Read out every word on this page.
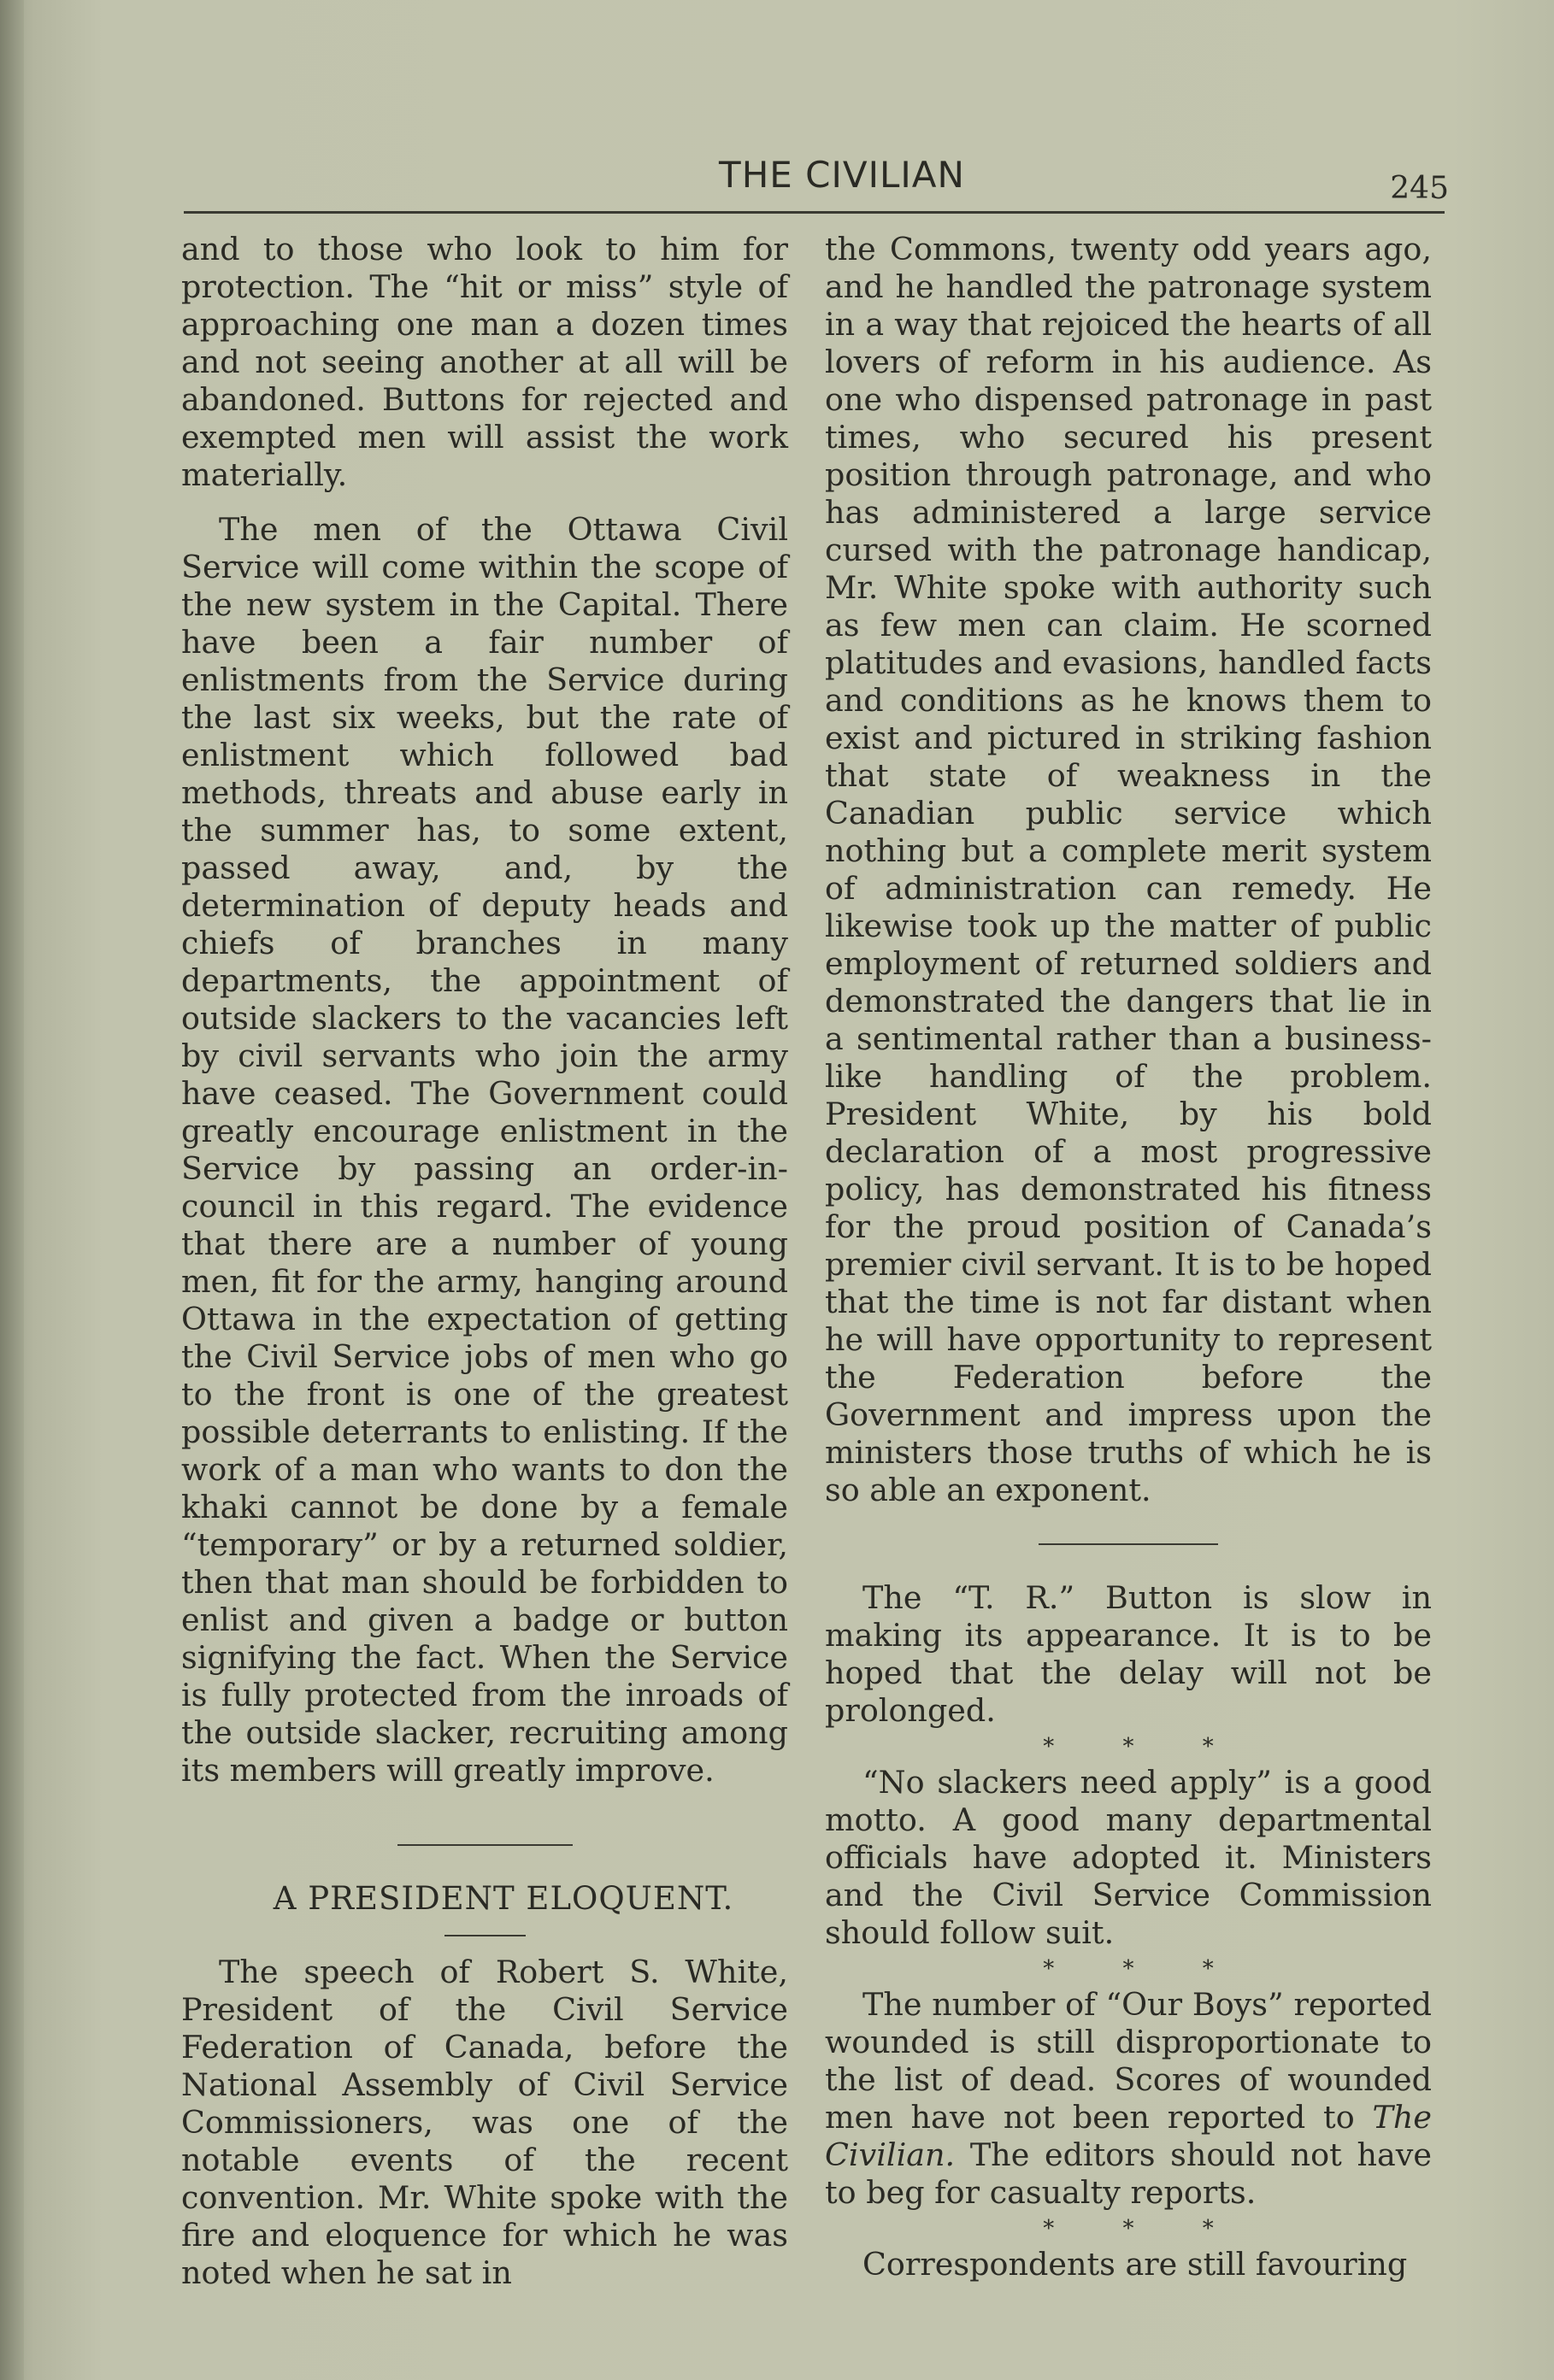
THE CIVILIAN	245

and to those who look to him for protection. The “hit or miss” style of approaching one man a dozen times and not seeing another at all will be abandoned. Buttons for rejected and exempted men will assist the work materially.

The men of the Ottawa Civil Service will come within the scope of the new system in the Capital. There have been a fair number of enlistments from the Service during the last six weeks, but the rate of enlistment which followed bad methods, threats and abuse early in the summer has, to some extent, passed away, and, by the determination of deputy heads and chiefs of branches in many departments, the appointment of outside slackers to the vacancies left by civil servants who join the army have ceased. The Government could greatly encourage enlistment in the Service by passing an order-in-council in this regard. The evidence that there are a number of young men, fit for the army, hanging around Ottawa in the expectation of getting the Civil Service jobs of men who go to the front is one of the greatest possible deterrants to enlisting. If the work of a man who wants to don the khaki cannot be done by a female “temporary” or by a returned soldier, then that man should be forbidden to enlist and given a badge or button signifying the fact. When the Service is fully protected from the inroads of the outside slacker, recruiting among its members will greatly improve.

A PRESIDENT ELOQUENT.

The speech of Robert S. White, President of the Civil Service Federation of Canada, before the National Assembly of Civil Service Commissioners, was one of the notable events of the recent convention. Mr. White spoke with the fire and eloquence for which he was noted when he sat in

the Commons, twenty odd years ago, and he handled the patronage system in a way that rejoiced the hearts of all lovers of reform in his audience. As one who dispensed patronage in past times, who secured his present position through patronage, and who has administered a large service cursed with the patronage handicap, Mr. White spoke with authority such as few men can claim. He scorned platitudes and evasions, handled facts and conditions as he knows them to exist and pictured in striking fashion that state of weakness in the Canadian public service which nothing but a complete merit system of administration can remedy. He likewise took up the matter of public employment of returned soldiers and demonstrated the dangers that lie in a sentimental rather than a business-like handling of the problem. President White, by his bold declaration of a most progressive policy, has demonstrated his fitness for the proud position of Canada’s premier civil servant. It is to be hoped that the time is not far distant when he will have opportunity to represent the Federation before the Government and impress upon the ministers those truths of which he is so able an exponent.

The “T. R.” Button is slow in making its appearance. It is to be hoped that the delay will not be prolonged.

* * *

“No slackers need apply” is a good motto. A good many departmental officials have adopted it. Ministers and the Civil Service Commission should follow suit.

* * *

The number of “Our Boys” reported wounded is still disproportionate to the list of dead. Scores of wounded men have not been reported to The Civilian. The editors should not have to beg for casualty reports.

* * *

Correspondents are still favouring
